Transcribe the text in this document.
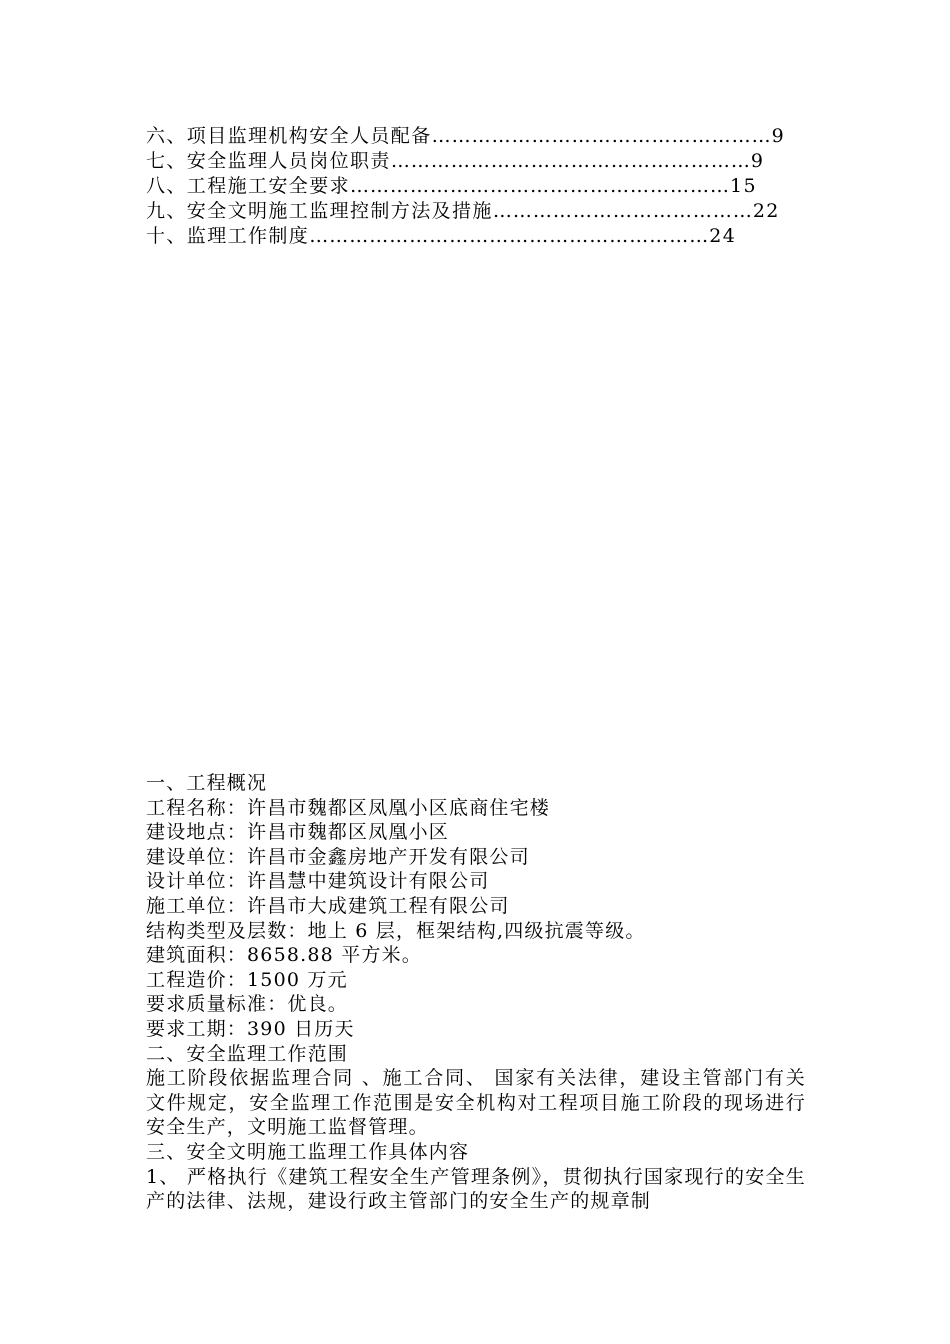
六、项目监理机构安全人员配备 …………………………………………… 9
七、安全监理人员岗位职责 ……………………………………………… 9
八、工程施工安全要求 ………………………………………………… 15
九、安全文明施工监理控制方法及措施 ………………………………… 22
十、监理工作制度 …………………………………………………… 24

一、工程概况

工程名称：许昌市魏都区凤凰小区底商住宅楼

建设地点：许昌市魏都区凤凰小区

建设单位：许昌市金鑫房地产开发有限公司

设计单位：许昌慧中建筑设计有限公司

施工单位：许昌市大成建筑工程有限公司

结构类型及层数：地上 6 层，框架结构,四级抗震等级。

建筑面积：8658.88 平方米。

工程造价：1500 万元

要求质量标准：优良。

要求工期：390 日历天

二、安全监理工作范围

施工阶段依据监理合同 、施工合同、 国家有关法律，建设主管部门有关文件规定，安全监理工作范围是安全机构对工程项目施工阶段的现场进行安全生产，文明施工监督管理。

三、安全文明施工监理工作具体内容

1、 严格执行《建筑工程安全生产管理条例》，贯彻执行国家现行的安全生产的法律、法规，建设行政主管部门的安全生产的规章制
